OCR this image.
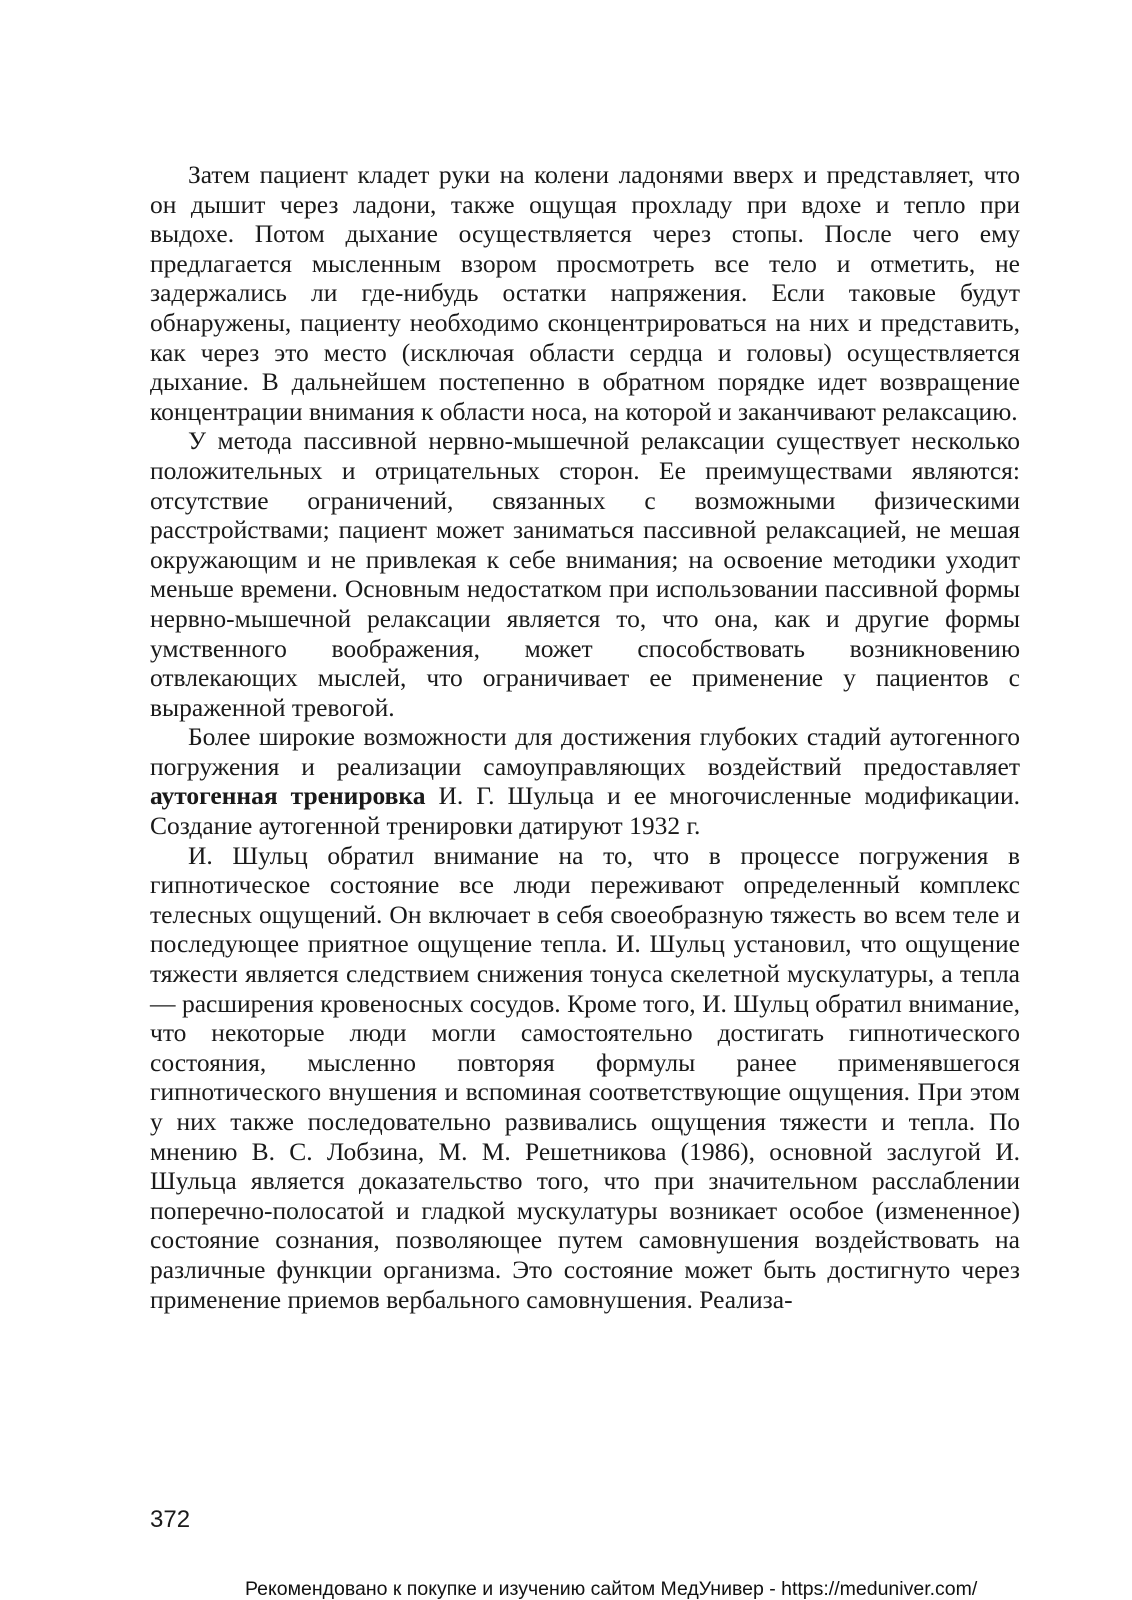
Затем пациент кладет руки на колени ладонями вверх и представляет, что он дышит через ладони, также ощущая прохладу при вдохе и тепло при выдохе. Потом дыхание осуществляется через стопы. После чего ему предлагается мысленным взором просмотреть все тело и отметить, не задержались ли где-нибудь остатки напряжения. Если таковые будут обнаружены, пациенту необходимо сконцентрироваться на них и представить, как через это место (исключая области сердца и головы) осуществляется дыхание. В дальнейшем постепенно в обратном порядке идет возвращение концентрации внимания к области носа, на которой и заканчивают релаксацию.

У метода пассивной нервно-мышечной релаксации существует несколько положительных и отрицательных сторон. Ее преимуществами являются: отсутствие ограничений, связанных с возможными физическими расстройствами; пациент может заниматься пассивной релаксацией, не мешая окружающим и не привлекая к себе внимания; на освоение методики уходит меньше времени. Основным недостатком при использовании пассивной формы нервно-мышечной релаксации является то, что она, как и другие формы умственного воображения, может способствовать возникновению отвлекающих мыслей, что ограничивает ее применение у пациентов с выраженной тревогой.

Более широкие возможности для достижения глубоких стадий аутогенного погружения и реализации самоуправляющих воздействий предоставляет аутогенная тренировка И. Г. Шульца и ее многочисленные модификации. Создание аутогенной тренировки датируют 1932 г.

И. Шульц обратил внимание на то, что в процессе погружения в гипнотическое состояние все люди переживают определенный комплекс телесных ощущений. Он включает в себя своеобразную тяжесть во всем теле и последующее приятное ощущение тепла. И. Шульц установил, что ощущение тяжести является следствием снижения тонуса скелетной мускулатуры, а тепла — расширения кровеносных сосудов. Кроме того, И. Шульц обратил внимание, что некоторые люди могли самостоятельно достигать гипнотического состояния, мысленно повторяя формулы ранее применявшегося гипнотического внушения и вспоминая соответствующие ощущения. При этом у них также последовательно развивались ощущения тяжести и тепла. По мнению В. С. Лобзина, М. М. Решетникова (1986), основной заслугой И. Шульца является доказательство того, что при значительном расслаблении поперечно-полосатой и гладкой мускулатуры возникает особое (измененное) состояние сознания, позволяющее путем самовнушения воздействовать на различные функции организма. Это состояние может быть достигнуто через применение приемов вербального самовнушения. Реализа-

372
Рекомендовано к покупке и изучению сайтом МедУнивер - https://meduniver.com/
